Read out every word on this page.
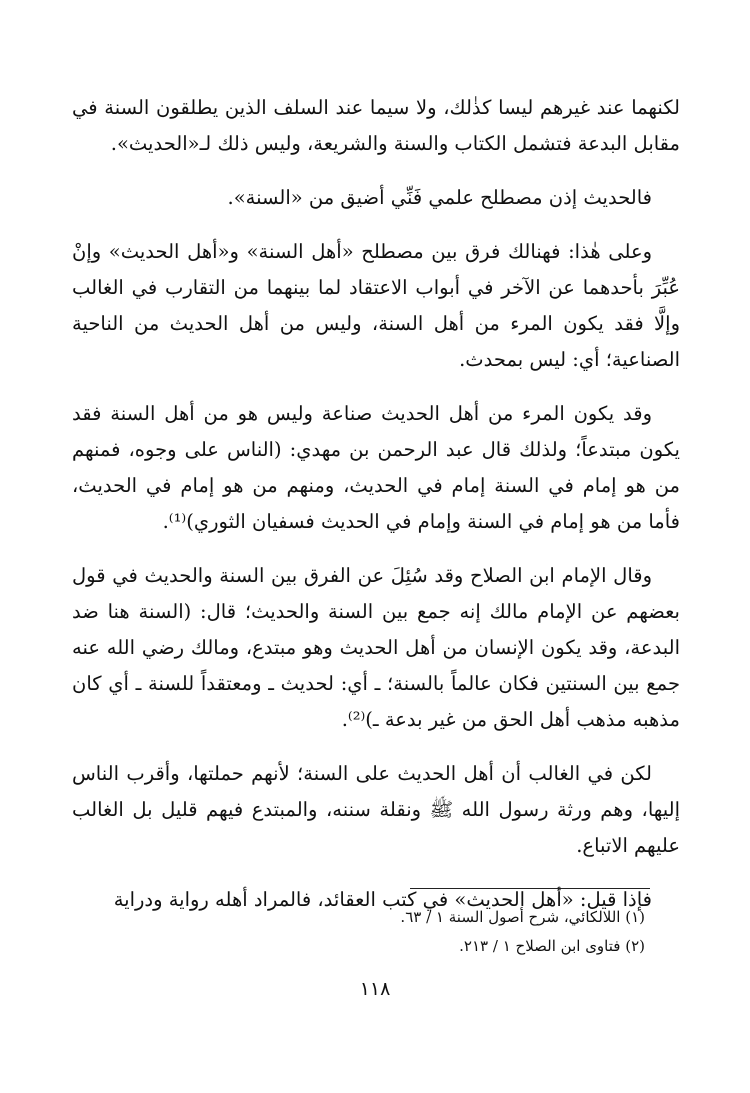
لكنهما عند غيرهم ليسا كذٰلك، ولا سيما عند السلف الذين يطلقون السنة في مقابل البدعة فتشمل الكتاب والسنة والشريعة، وليس ذلك لـ«الحديث».

فالحديث إذن مصطلح علمي فَنِّي أضيق من «السنة».

وعلى هٰذا: فهنالك فرق بين مصطلح «أهل السنة» و«أهل الحديث» وإنْ عُبِّرَ بأحدهما عن الآخر في أبواب الاعتقاد لما بينهما من التقارب في الغالب وإلَّا فقد يكون المرء من أهل السنة، وليس من أهل الحديث من الناحية الصناعية؛ أي: ليس بمحدث.

وقد يكون المرء من أهل الحديث صناعة وليس هو من أهل السنة فقد يكون مبتدعاً؛ ولذلك قال عبد الرحمن بن مهدي: (الناس على وجوه، فمنهم من هو إمام في السنة إمام في الحديث، ومنهم من هو إمام في الحديث، فأما من هو إمام في السنة وإمام في الحديث فسفيان الثوري)⁽¹⁾.

وقال الإمام ابن الصلاح وقد سُئِلَ عن الفرق بين السنة والحديث في قول بعضهم عن الإمام مالك إنه جمع بين السنة والحديث؛ قال: (السنة هنا ضد البدعة، وقد يكون الإنسان من أهل الحديث وهو مبتدع، ومالك رضي الله عنه جمع بين السنتين فكان عالماً بالسنة؛ ـ أي: لحديث ـ ومعتقداً للسنة ـ أي كان مذهبه مذهب أهل الحق من غير بدعة ـ)⁽²⁾.

لكن في الغالب أن أهل الحديث على السنة؛ لأنهم حملتها، وأقرب الناس إليها، وهم ورثة رسول الله ﷺ ونقلة سننه، والمبتدع فيهم قليل بل الغالب عليهم الاتباع.

فإذا قيل: «أهل الحديث» في كتب العقائد، فالمراد أهله رواية ودراية

(١) اللالكائي، شرح أصول السنة ١ / ٦٣.

(٢) فتاوى ابن الصلاح ١ / ٢١٣.

١١٨
